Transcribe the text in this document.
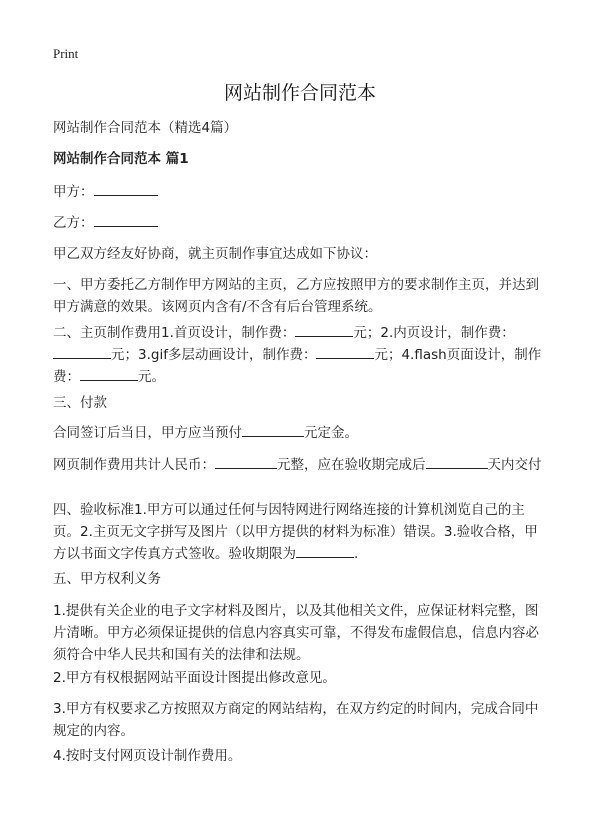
Print
网站制作合同范本

网站制作合同范本（精选4篇）

网站制作合同范本 篇1

甲方：

乙方：

甲乙双方经友好协商，就主页制作事宜达成如下协议：

一、甲方委托乙方制作甲方网站的主页，乙方应按照甲方的要求制作主页，并达到甲方满意的效果。该网页内含有/不含有后台管理系统。

二、主页制作费用1.首页设计，制作费：	元；2.内页设计，制作费：元；3.gif多层动画设计，制作费：	元；4.flash页面设计，制作费：	元。

三、付款

合同签订后当日，甲方应当预付	元定金。

网页制作费用共计人民币：	元整，应在验收期完成后	天内交付

四、验收标准1.甲方可以通过任何与因特网进行网络连接的计算机浏览自己的主页。2.主页无文字拼写及图片（以甲方提供的材料为标准）错误。3.验收合格，甲方以书面文字传真方式签收。验收期限为	.

五、甲方权利义务

1.提供有关企业的电子文字材料及图片，以及其他相关文件，应保证材料完整，图片清晰。甲方必须保证提供的信息内容真实可靠，不得发布虚假信息，信息内容必须符合中华人民共和国有关的法律和法规。

2.甲方有权根据网站平面设计图提出修改意见。

3.甲方有权要求乙方按照双方商定的网站结构，在双方约定的时间内，完成合同中规定的内容。

4.按时支付网页设计制作费用。
